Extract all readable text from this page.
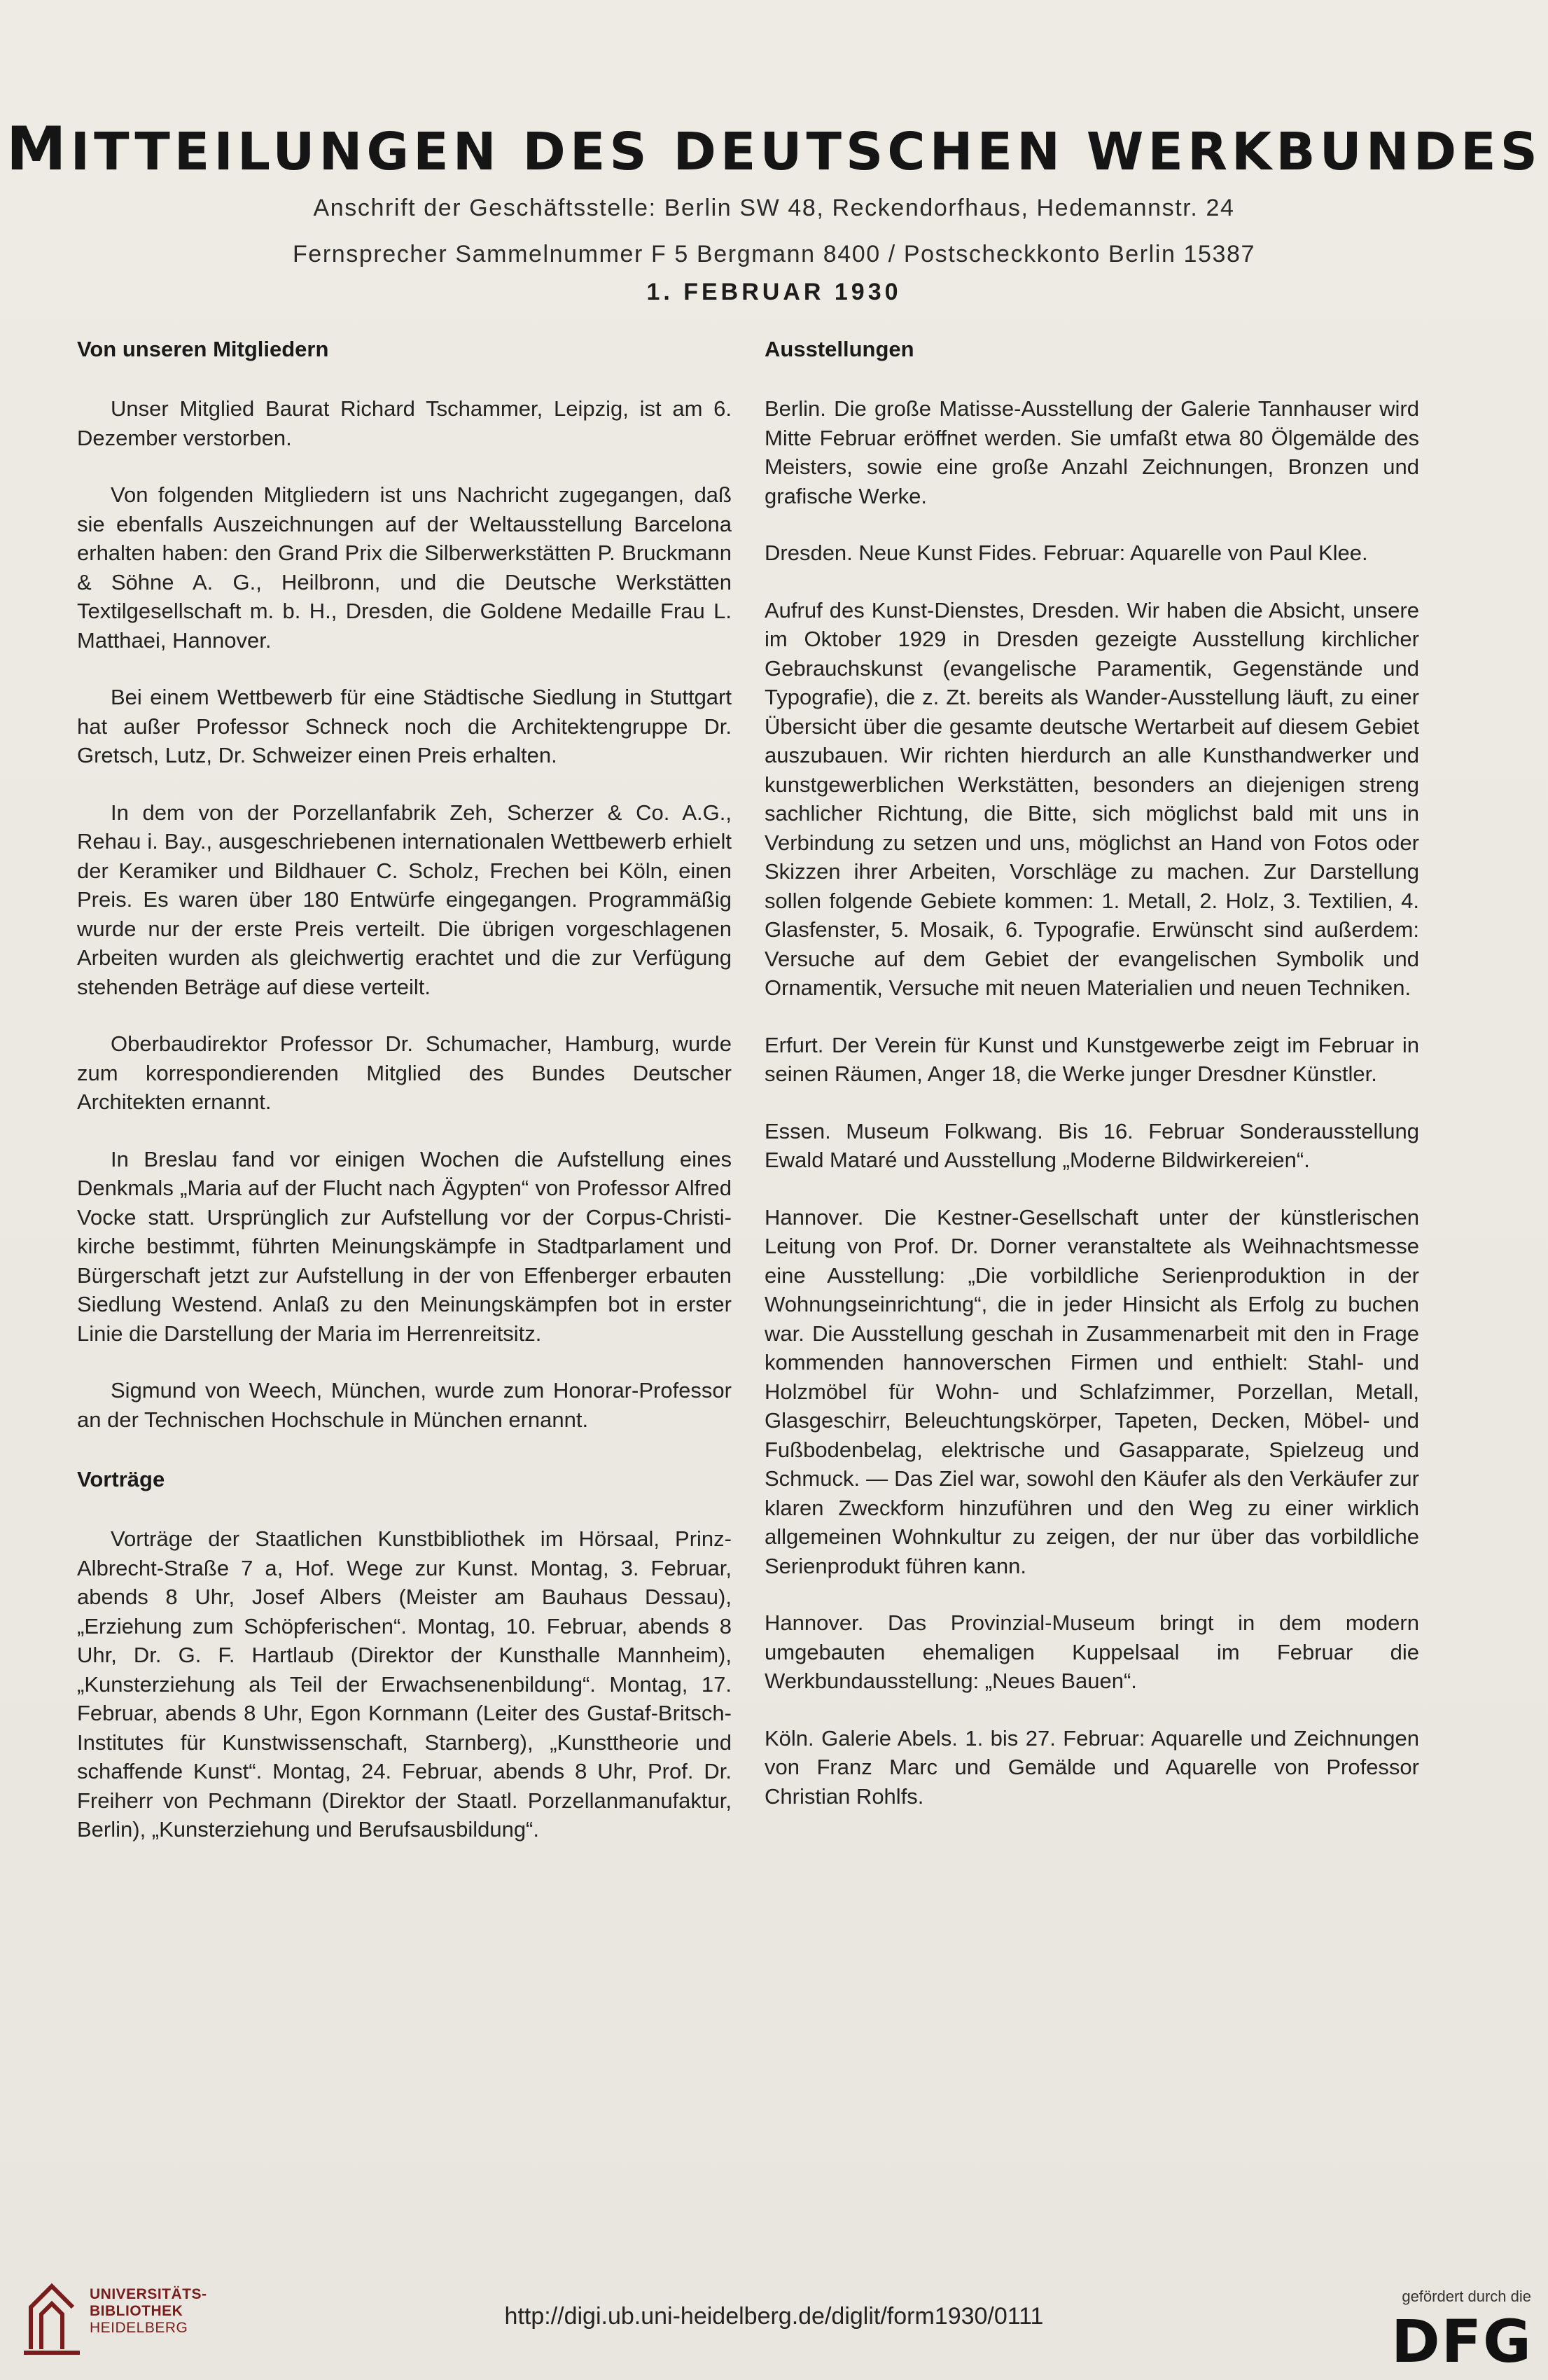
MITTEILUNGEN DES DEUTSCHEN WERKBUNDES
Anschrift der Geschäftsstelle: Berlin SW 48, Reckendorfhaus, Hedemannstr. 24
Fernsprecher Sammelnummer F 5 Bergmann 8400 / Postscheckkonto Berlin 15387
1. FEBRUAR 1930
Von unseren Mitgliedern

Unser Mitglied Baurat Richard Tschammer, Leipzig, ist am 6. Dezember verstorben.

Von folgenden Mitgliedern ist uns Nachricht zugegangen, daß sie ebenfalls Auszeichnungen auf der Weltausstellung Barcelona erhalten haben: den Grand Prix die Silberwerkstätten P. Bruckmann & Söhne A. G., Heilbronn, und die Deutsche Werkstätten Textilgesellschaft m. b. H., Dresden, die Goldene Medaille Frau L. Matthaei, Hannover.

Bei einem Wettbewerb für eine Städtische Siedlung in Stuttgart hat außer Professor Schneck noch die Architektengruppe Dr. Gretsch, Lutz, Dr. Schweizer einen Preis erhalten.

In dem von der Porzellanfabrik Zeh, Scherzer & Co. A.G., Rehau i. Bay., ausgeschriebenen internationalen Wettbewerb erhielt der Keramiker und Bildhauer C. Scholz, Frechen bei Köln, einen Preis. Es waren über 180 Entwürfe eingegangen. Programmäßig wurde nur der erste Preis verteilt. Die übrigen vorgeschlagenen Arbeiten wurden als gleichwertig erachtet und die zur Verfügung stehenden Beträge auf diese verteilt.

Oberbaudirektor Professor Dr. Schumacher, Hamburg, wurde zum korrespondierenden Mitglied des Bundes Deutscher Architekten ernannt.

In Breslau fand vor einigen Wochen die Aufstellung eines Denkmals „Maria auf der Flucht nach Ägypten“ von Professor Alfred Vocke statt. Ursprünglich zur Aufstellung vor der Corpus-Christi-kirche bestimmt, führten Meinungskämpfe in Stadtparlament und Bürgerschaft jetzt zur Aufstellung in der von Effenberger erbauten Siedlung Westend. Anlaß zu den Meinungskämpfen bot in erster Linie die Darstellung der Maria im Herrenreitsitz.

Sigmund von Weech, München, wurde zum Honorar-Professor an der Technischen Hochschule in München ernannt.

Vorträge

Vorträge der Staatlichen Kunstbibliothek im Hörsaal, Prinz-Albrecht-Straße 7 a, Hof. Wege zur Kunst. Montag, 3. Februar, abends 8 Uhr, Josef Albers (Meister am Bauhaus Dessau), „Erziehung zum Schöpferischen“. Montag, 10. Februar, abends 8 Uhr, Dr. G. F. Hartlaub (Direktor der Kunsthalle Mannheim), „Kunsterziehung als Teil der Erwachsenenbildung“. Montag, 17. Februar, abends 8 Uhr, Egon Kornmann (Leiter des Gustaf-Britsch-Institutes für Kunstwissenschaft, Starnberg), „Kunsttheorie und schaffende Kunst“. Montag, 24. Februar, abends 8 Uhr, Prof. Dr. Freiherr von Pechmann (Direktor der Staatl. Porzellanmanufaktur, Berlin), „Kunsterziehung und Berufsausbildung“.

Ausstellungen

Berlin. Die große Matisse-Ausstellung der Galerie Tannhauser wird Mitte Februar eröffnet werden. Sie umfaßt etwa 80 Ölgemälde des Meisters, sowie eine große Anzahl Zeichnungen, Bronzen und grafische Werke.

Dresden. Neue Kunst Fides. Februar: Aquarelle von Paul Klee.

Aufruf des Kunst-Dienstes, Dresden. Wir haben die Absicht, unsere im Oktober 1929 in Dresden gezeigte Ausstellung kirchlicher Gebrauchskunst (evangelische Paramentik, Gegenstände und Typografie), die z. Zt. bereits als Wander-Ausstellung läuft, zu einer Übersicht über die gesamte deutsche Wertarbeit auf diesem Gebiet auszubauen. Wir richten hierdurch an alle Kunsthandwerker und kunstgewerblichen Werkstätten, besonders an diejenigen streng sachlicher Richtung, die Bitte, sich möglichst bald mit uns in Verbindung zu setzen und uns, möglichst an Hand von Fotos oder Skizzen ihrer Arbeiten, Vorschläge zu machen. Zur Darstellung sollen folgende Gebiete kommen: 1. Metall, 2. Holz, 3. Textilien, 4. Glasfenster, 5. Mosaik, 6. Typografie. Erwünscht sind außerdem: Versuche auf dem Gebiet der evangelischen Symbolik und Ornamentik, Versuche mit neuen Materialien und neuen Techniken.

Erfurt. Der Verein für Kunst und Kunstgewerbe zeigt im Februar in seinen Räumen, Anger 18, die Werke junger Dresdner Künstler.

Essen. Museum Folkwang. Bis 16. Februar Sonderausstellung Ewald Mataré und Ausstellung „Moderne Bildwirkereien“.

Hannover. Die Kestner-Gesellschaft unter der künstlerischen Leitung von Prof. Dr. Dorner veranstaltete als Weihnachtsmesse eine Ausstellung: „Die vorbildliche Serienproduktion in der Wohnungseinrichtung“, die in jeder Hinsicht als Erfolg zu buchen war. Die Ausstellung geschah in Zusammenarbeit mit den in Frage kommenden hannoverschen Firmen und enthielt: Stahl- und Holzmöbel für Wohn- und Schlafzimmer, Porzellan, Metall, Glasgeschirr, Beleuchtungskörper, Tapeten, Decken, Möbel- und Fußbodenbelag, elektrische und Gasapparate, Spielzeug und Schmuck. — Das Ziel war, sowohl den Käufer als den Verkäufer zur klaren Zweckform hinzuführen und den Weg zu einer wirklich allgemeinen Wohnkultur zu zeigen, der nur über das vorbildliche Serienprodukt führen kann.

Hannover. Das Provinzial-Museum bringt in dem modern umgebauten ehemaligen Kuppelsaal im Februar die Werkbundausstellung: „Neues Bauen“.

Köln. Galerie Abels. 1. bis 27. Februar: Aquarelle und Zeichnungen von Franz Marc und Gemälde und Aquarelle von Professor Christian Rohlfs.

UNIVERSITÄTS-
BIBLIOTHEK
HEIDELBERG	http://digi.ub.uni-heidelberg.de/diglit/form1930/0111
gefördert durch die
DFG
